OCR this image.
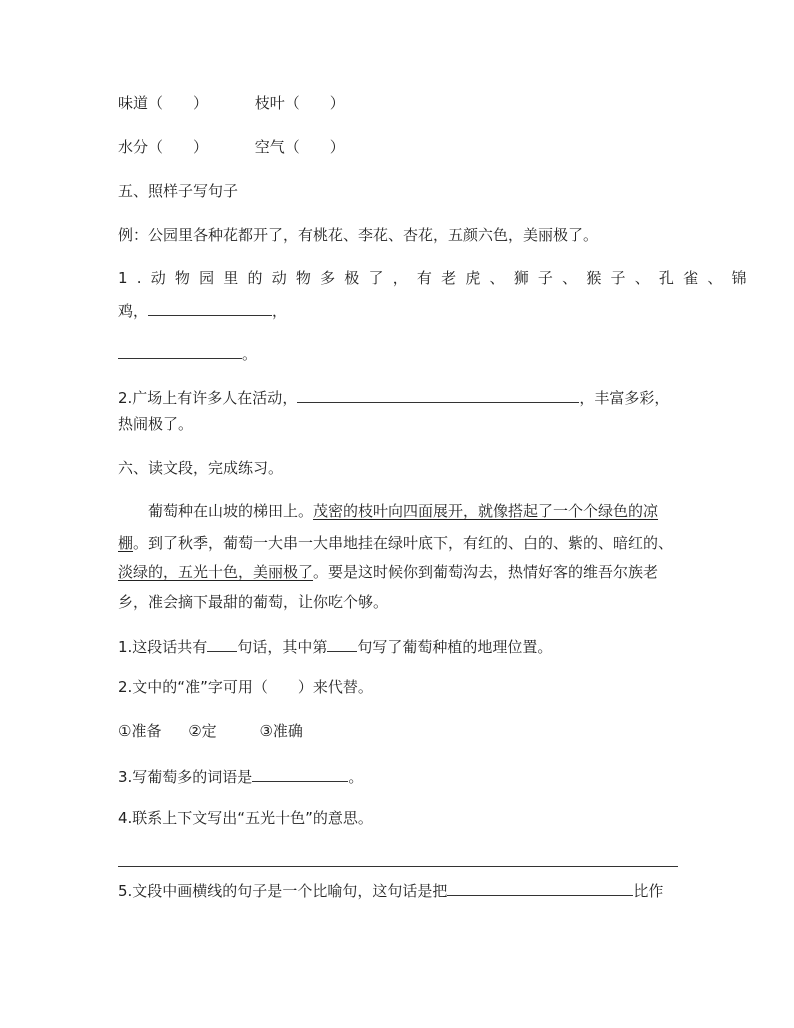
味道（　　）	枝叶（　　）
水分（　　）	空气（　　）
五、照样子写句子
例：公园里各种花都开了，有桃花、李花、杏花，五颜六色，美丽极了。
1.动物园里的动物多极了，有老虎、狮子、猴子、孔雀、锦
鸡，	，
。
2.广场上有许多人在活动，	，丰富多彩，
热闹极了。
六、读文段，完成练习。
葡萄种在山坡的梯田上。茂密的枝叶向四面展开，就像搭起了一个个绿色的凉
棚。到了秋季，葡萄一大串一大串地挂在绿叶底下，有红的、白的、紫的、暗红的、
淡绿的，五光十色，美丽极了。要是这时候你到葡萄沟去，热情好客的维吾尔族老
乡，准会摘下最甜的葡萄，让你吃个够。
1.这段话共有 句话，其中第 句写了葡萄种植的地理位置。
2.文中的“准”字可用（　　）来代替。
①准备 ②定	③准确
3.写葡萄多的词语是	。
4.联系上下文写出“五光十色”的意思。
5.文段中画横线的句子是一个比喻句，这句话是把	比作
